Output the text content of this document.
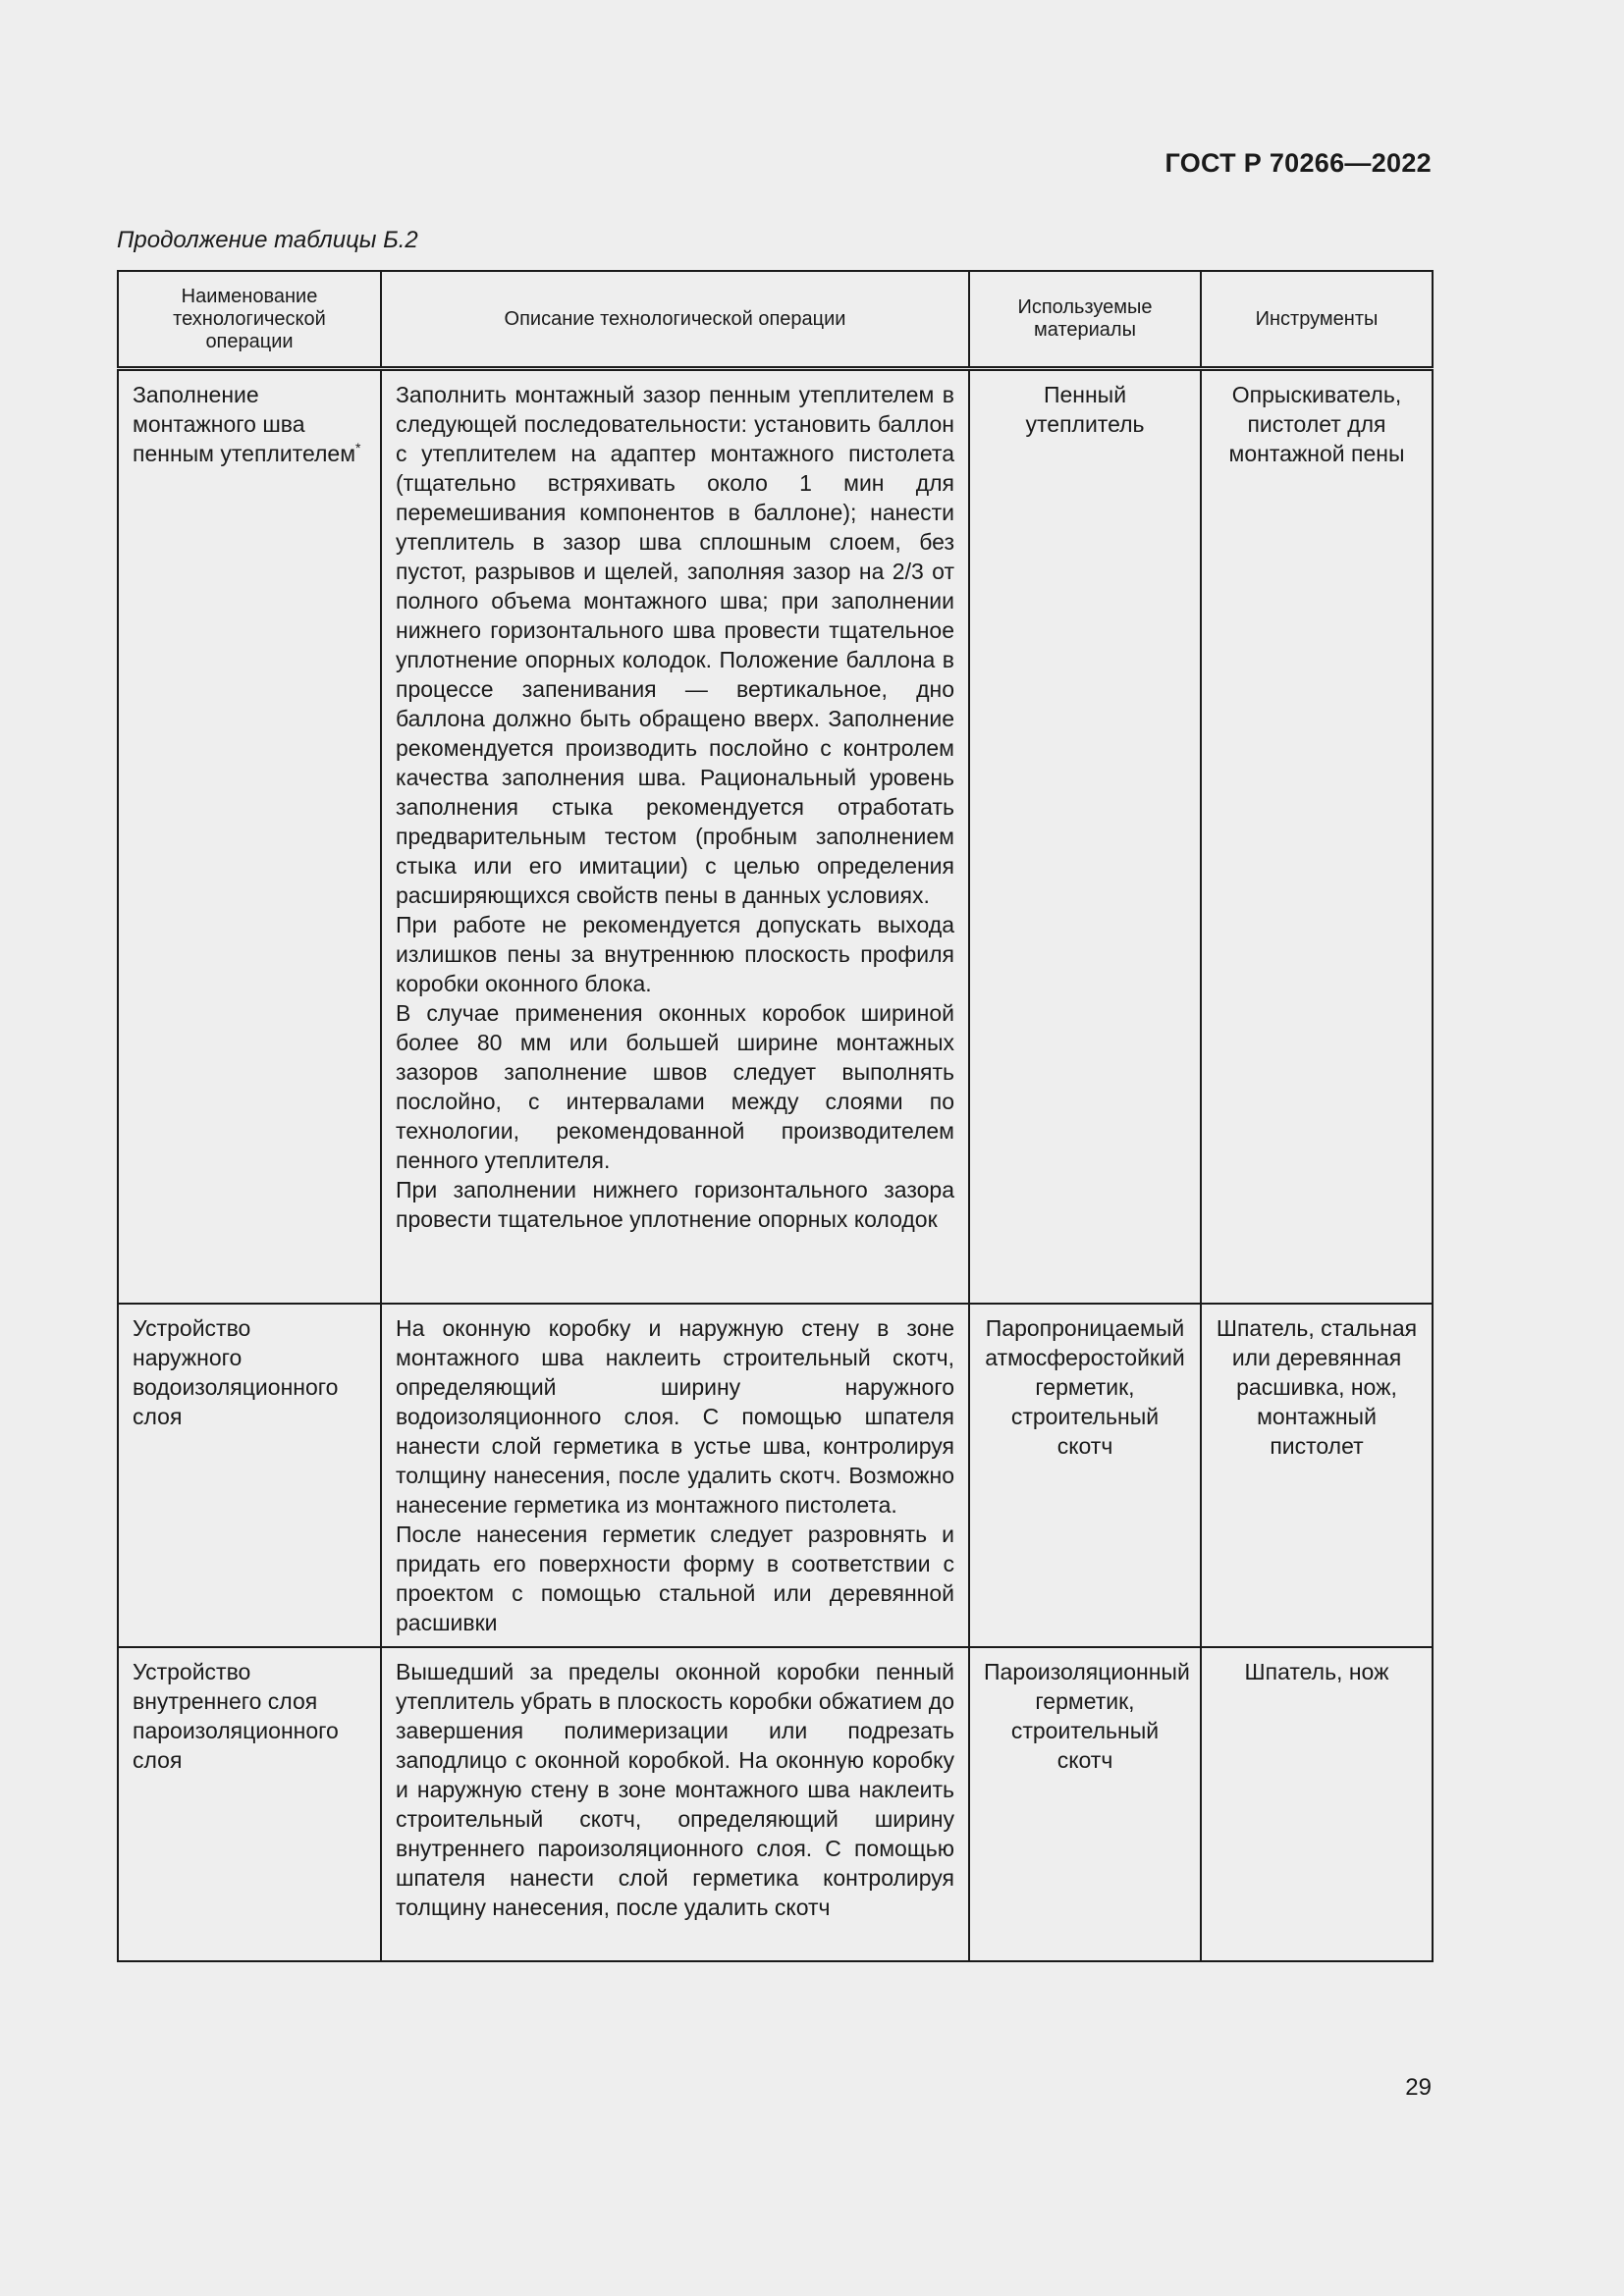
ГОСТ Р 70266—2022
Продолжение таблицы Б.2
Наименование технологической операции	Описание технологической операции	Используемые материалы	Инструменты
Заполнение монтажного шва пенным утеплителем*	Заполнить монтажный зазор пенным утеплителем в следующей последовательности: установить баллон с утеплителем на адаптер монтажного пистолета (тщательно встряхивать около 1 мин для перемешивания компонентов в баллоне); нанести утеплитель в зазор шва сплошным слоем, без пустот, разрывов и щелей, заполняя зазор на 2/3 от полного объема монтажного шва; при заполнении нижнего горизонтального шва провести тщательное уплотнение опорных колодок. Положение баллона в процессе запенивания — вертикальное, дно баллона должно быть обращено вверх. Заполнение рекомендуется производить послойно с контролем качества заполнения шва. Рациональный уровень заполнения стыка рекомендуется отработать предварительным тестом (пробным заполнением стыка или его имитации) с целью определения расширяющихся свойств пены в данных условиях.

При работе не рекомендуется допускать выхода излишков пены за внутреннюю плоскость профиля коробки оконного блока.

В случае применения оконных коробок шириной более 80 мм или большей ширине монтажных зазоров заполнение швов следует выполнять послойно, с интервалами между слоями по технологии, рекомендованной производителем пенного утеплителя.

При заполнении нижнего горизонтального зазора провести тщательное уплотнение опорных колодок	Пенный утеплитель	Опрыскиватель, пистолет для монтажной пены
Устройство наружного водоизоляционного слоя	На оконную коробку и наружную стену в зоне монтажного шва наклеить строительный скотч, определяющий ширину наружного водоизоляционного слоя. С помощью шпателя нанести слой герметика в устье шва, контролируя толщину нанесения, после удалить скотч. Возможно нанесение герметика из монтажного пистолета.

После нанесения герметик следует разровнять и придать его поверхности форму в соответствии с проектом с помощью стальной или деревянной расшивки	Паропроницаемый атмосферостойкий герметик, строительный скотч	Шпатель, стальная или деревянная расшивка, нож, монтажный пистолет
Устройство внутреннего слоя пароизоляционного слоя	Вышедший за пределы оконной коробки пенный утеплитель убрать в плоскость коробки обжатием до завершения полимеризации или подрезать заподлицо с оконной коробкой. На оконную коробку и наружную стену в зоне монтажного шва наклеить строительный скотч, определяющий ширину внутреннего пароизоляционного слоя. С помощью шпателя нанести слой герметика контролируя толщину нанесения, после удалить скотч	Пароизоляционный герметик, строительный скотч	Шпатель, нож
29
